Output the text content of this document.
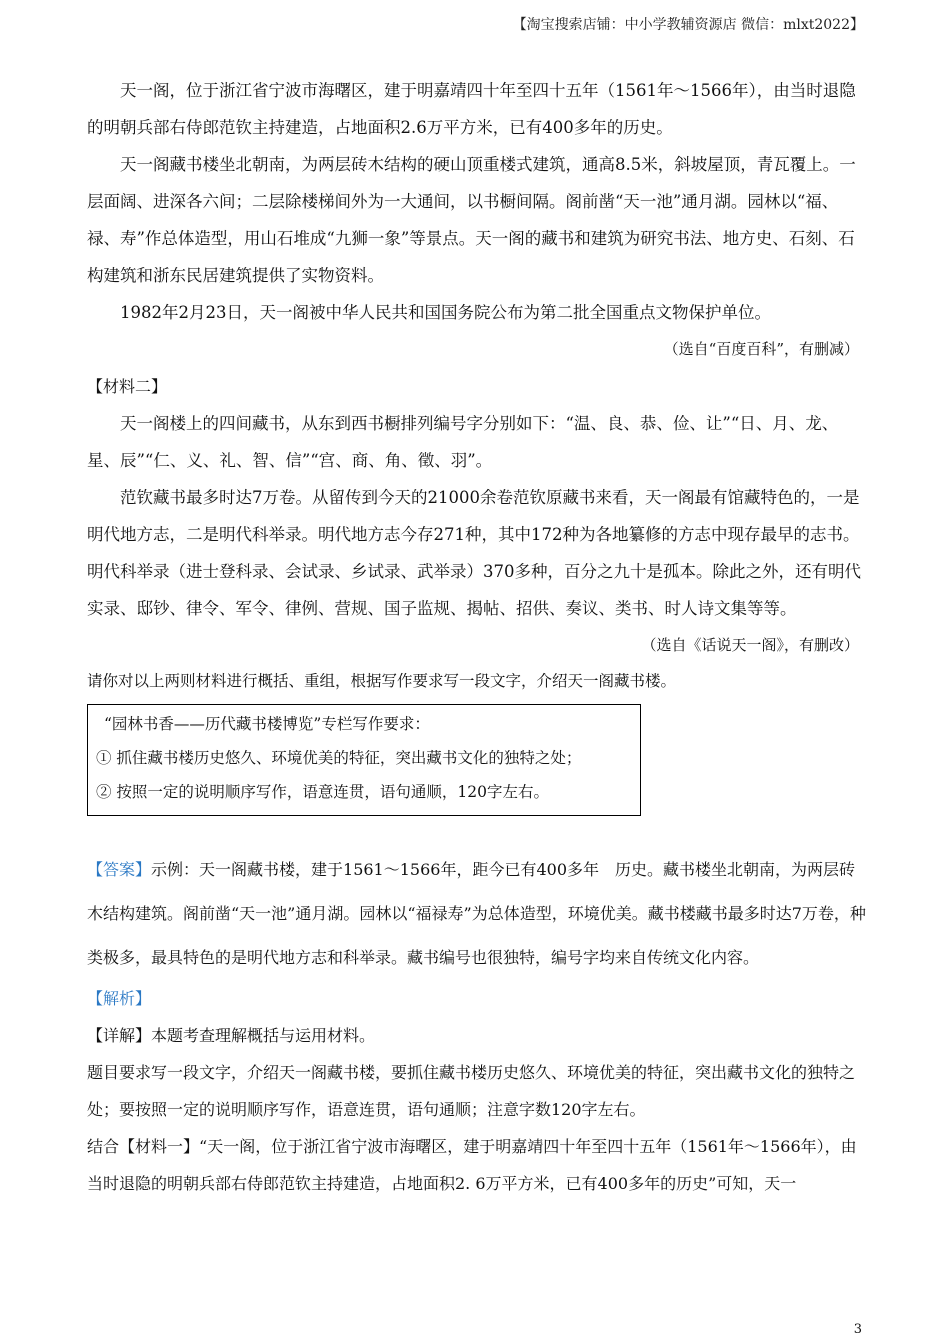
【淘宝搜索店铺：中小学教辅资源店 微信：mlxt2022】

天一阁，位于浙江省宁波市海曙区，建于明嘉靖四十年至四十五年（1561年～1566年），由当时退隐的明朝兵部右侍郎范钦主持建造，占地面积2.6万平方米，已有400多年的历史。

天一阁藏书楼坐北朝南，为两层砖木结构的硬山顶重楼式建筑，通高8.5米，斜坡屋顶，青瓦覆上。一层面阔、进深各六间；二层除楼梯间外为一大通间，以书橱间隔。阁前凿“天一池”通月湖。园林以“福、禄、寿”作总体造型，用山石堆成“九狮一象”等景点。天一阁的藏书和建筑为研究书法、地方史、石刻、石构建筑和浙东民居建筑提供了实物资料。

1982年2月23日，天一阁被中华人民共和国国务院公布为第二批全国重点文物保护单位。

（选自“百度百科”，有删减）

【材料二】

天一阁楼上的四间藏书，从东到西书橱排列编号字分别如下：“温、良、恭、俭、让”“日、月、龙、星、辰”“仁、义、礼、智、信”“宫、商、角、徵、羽”。

范钦藏书最多时达7万卷。从留传到今天的21000余卷范钦原藏书来看，天一阁最有馆藏特色的，一是明代地方志，二是明代科举录。明代地方志今存271种，其中172种为各地纂修的方志中现存最早的志书。明代科举录（进士登科录、会试录、乡试录、武举录）370多种，百分之九十是孤本。除此之外，还有明代实录、邸钞、律令、军令、律例、营规、国子监规、揭帖、招供、奏议、类书、时人诗文集等等。

（选自《话说天一阁》，有删改）

请你对以上两则材料进行概括、重组，根据写作要求写一段文字，介绍天一阁藏书楼。

“园林书香——历代藏书楼博览”专栏写作要求：

① 抓住藏书楼历史悠久、环境优美的特征，突出藏书文化的独特之处；

② 按照一定的说明顺序写作，语意连贯，语句通顺，120字左右。

【答案】示例：天一阁藏书楼，建于1561～1566年，距今已有400多年　历史。藏书楼坐北朝南，为两层砖木结构建筑。阁前凿“天一池”通月湖。园林以“福禄寿”为总体造型，环境优美。藏书楼藏书最多时达7万卷，种类极多，最具特色的是明代地方志和科举录。藏书编号也很独特，编号字均来自传统文化内容。

【解析】

【详解】本题考查理解概括与运用材料。

题目要求写一段文字，介绍天一阁藏书楼，要抓住藏书楼历史悠久、环境优美的特征，突出藏书文化的独特之处；要按照一定的说明顺序写作，语意连贯，语句通顺；注意字数120字左右。

结合【材料一】“天一阁，位于浙江省宁波市海曙区，建于明嘉靖四十年至四十五年（1561年～1566年），由当时退隐的明朝兵部右侍郎范钦主持建造，占地面积2. 6万平方米，已有400多年的历史”可知，天一

3
